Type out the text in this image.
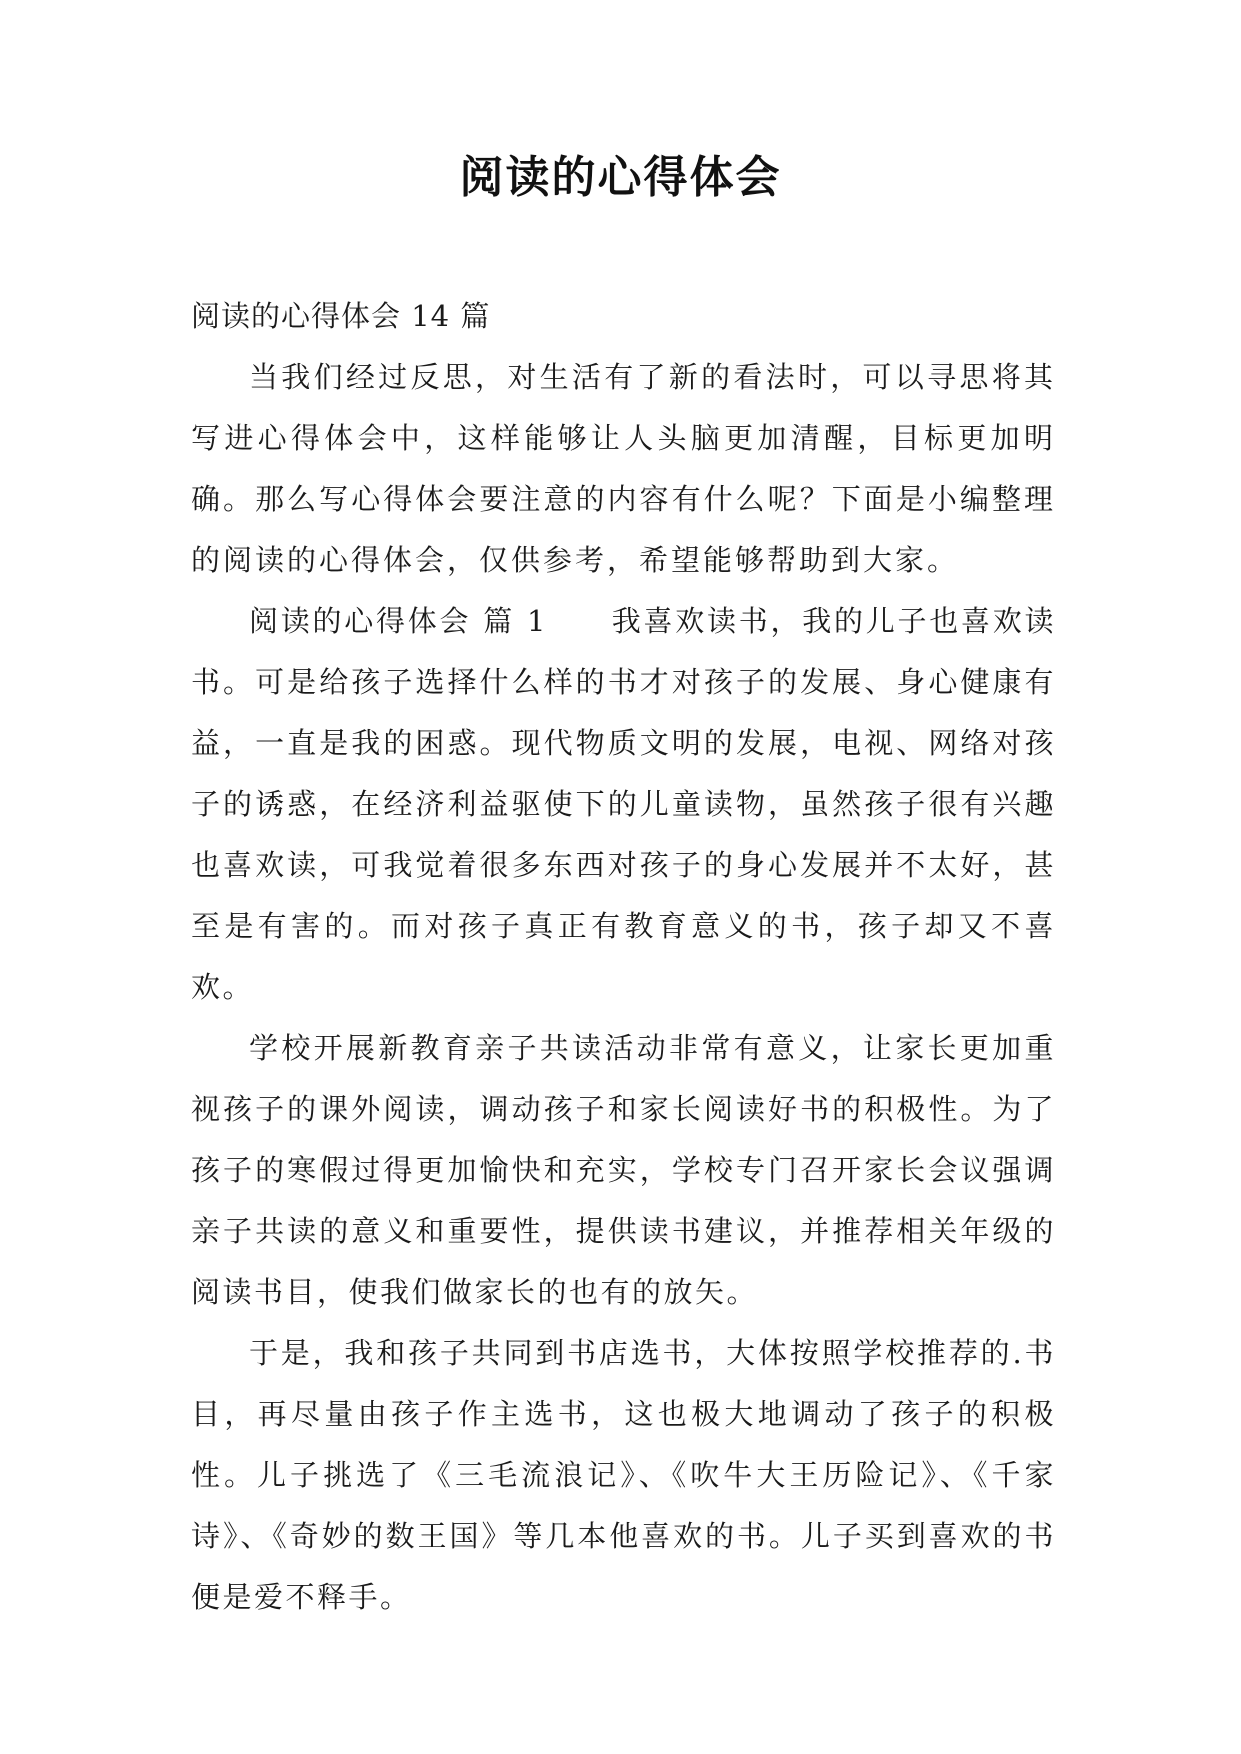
阅读的心得体会

阅读的心得体会 14 篇

当我们经过反思，对生活有了新的看法时，可以寻思将其写进心得体会中，这样能够让人头脑更加清醒，目标更加明确。那么写心得体会要注意的内容有什么呢？下面是小编整理的阅读的心得体会，仅供参考，希望能够帮助到大家。

阅读的心得体会 篇 1　　我喜欢读书，我的儿子也喜欢读书。可是给孩子选择什么样的书才对孩子的发展、身心健康有益，一直是我的困惑。现代物质文明的发展，电视、网络对孩子的诱惑，在经济利益驱使下的儿童读物，虽然孩子很有兴趣也喜欢读，可我觉着很多东西对孩子的身心发展并不太好，甚至是有害的。而对孩子真正有教育意义的书，孩子却又不喜欢。

学校开展新教育亲子共读活动非常有意义，让家长更加重视孩子的课外阅读，调动孩子和家长阅读好书的积极性。为了孩子的寒假过得更加愉快和充实，学校专门召开家长会议强调亲子共读的意义和重要性，提供读书建议，并推荐相关年级的阅读书目，使我们做家长的也有的放矢。

于是，我和孩子共同到书店选书，大体按照学校推荐的.书目，再尽量由孩子作主选书，这也极大地调动了孩子的积极性。儿子挑选了《三毛流浪记》、《吹牛大王历险记》、《千家诗》、《奇妙的数王国》等几本他喜欢的书。儿子买到喜欢的书便是爱不释手。
